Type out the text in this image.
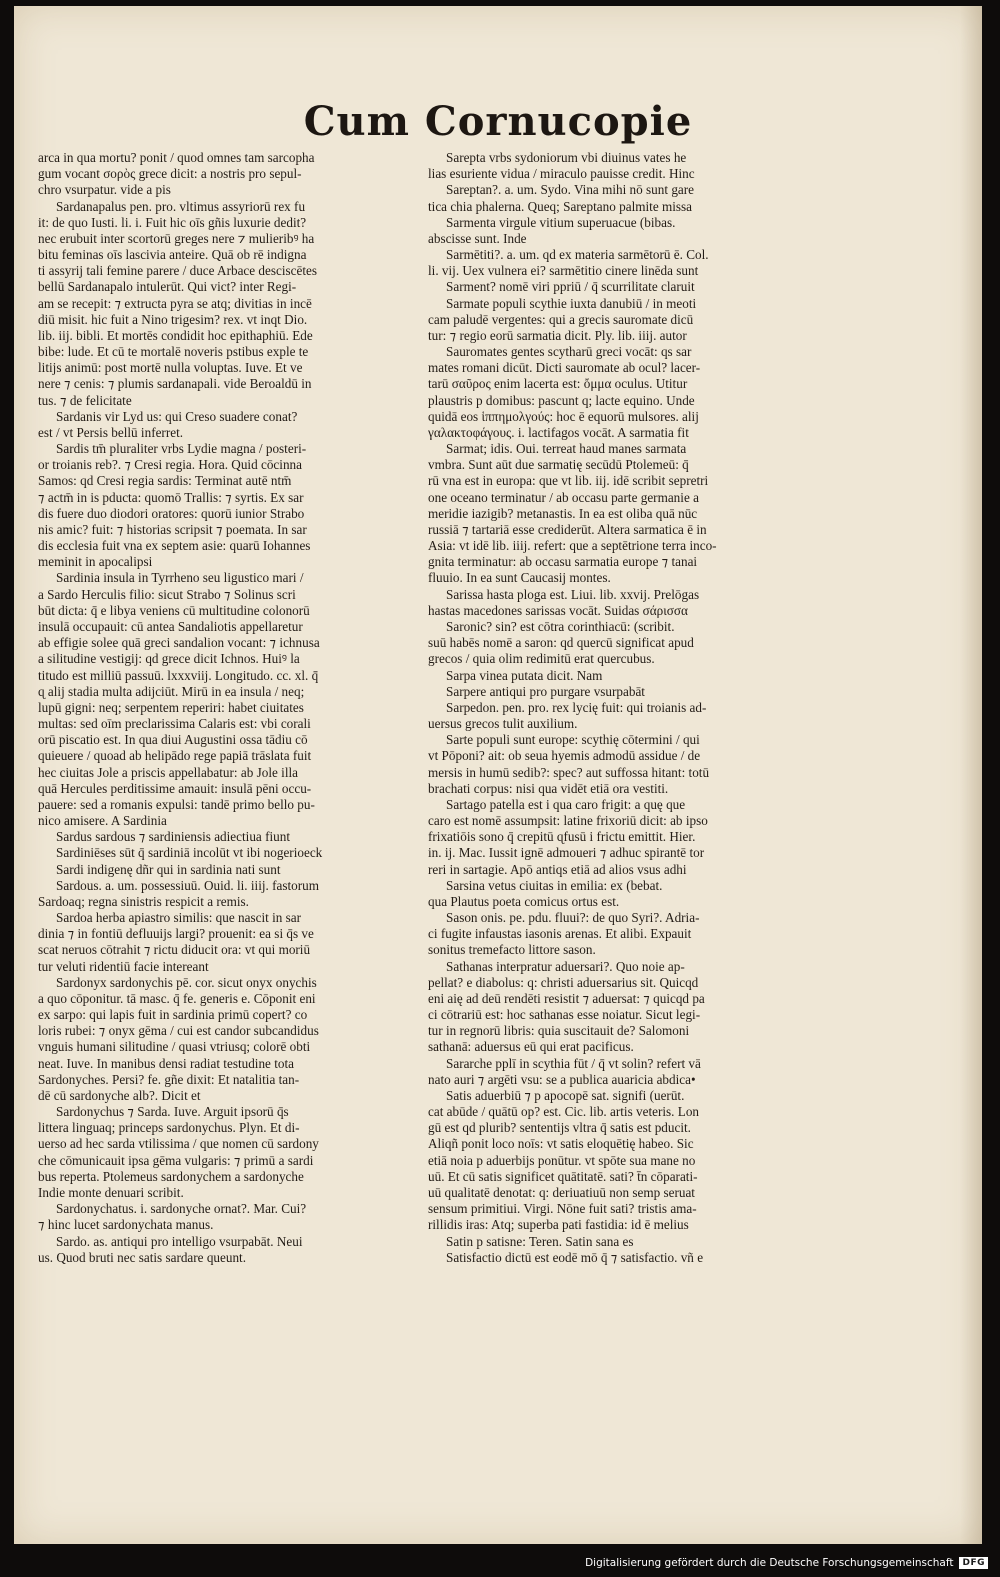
Cum Cornucopie
arca in qua mortu? ponit / quod omnes tam sarcopha
gum vocant σορὸς grece dicit: a nostris pro sepul-
chro vsurpatur. vide a pis
Sardanapalus pen. pro. vltimus assyriorū rex fu
it: de quo Iusti. li. i. Fuit hic oīs gñis luxurie dedit?
nec erubuit inter scortorū greges nere ⁊ mulieribꝰ ha
bitu feminas oīs lascivia anteire. Quā ob rē indigna
ti assyrij tali femine parere / duce Arbace desciscētes
bellū Sardanapalo intulerūt. Qui vict? inter Regi-
am se recepit: ⁊ extructa pyra se atq; divitias in incē
diū misit. hic fuit a Nino trigesim? rex. vt inqt Dio.
lib. iij. bibli. Et mortēs condidit hoc epithaphiū. Ede
bibe: lude. Et cū te mortalē noveris pstibus exple te
litijs animū: post mortē nulla voluptas. Iuve. Et ve
nere ⁊ cenis: ⁊ plumis sardanapali. vide Beroaldū in
tus. ⁊ de felicitate
Sardanis vir Lyd us: qui Creso suadere conat?
est / vt Persis bellū inferret.
Sardis tm̄ pluraliter vrbs Lydie magna / posteri-
or troianis reb?. ⁊ Cresi regia. Hora. Quid cōcinna
Samos: qd Cresi regia sardis: Terminat autē ntm̄
⁊ actm̄ in is pducta: quomō Trallis: ⁊ syrtis. Ex sar
dis fuere duo diodori oratores: quorū iunior Strabo
nis amic? fuit: ⁊ historias scripsit ⁊ poemata. In sar
dis ecclesia fuit vna ex septem asie: quarū Iohannes
meminit in apocalipsi
Sardinia insula in Tyrrheno seu ligustico mari /
a Sardo Herculis filio: sicut Strabo ⁊ Solinus scri
būt dicta: q̄ e libya veniens cū multitudine colonorū
insulā occupauit: cū antea Sandaliotis appellaretur
ab effigie solee quā greci sandalion vocant: ⁊ ichnusa
a silitudine vestigij: qd grece dicit Ichnos. Huiꝰ la
titudo est milliū passuū. lxxxviij. Longitudo. cc. xl. q̄̄
ɋ alij stadia multa adijciūt. Mirū in ea insula / neq;
lupū gigni: neq; serpentem reperiri: habet ciuitates
multas: sed oīm preclarissima Calaris est: vbi corali
orū piscatio est. In qua diui Augustini ossa tādiu cō
quieuere / quoad ab helipādo rege papiā trāslata fuit
hec ciuitas Jole a priscis appellabatur: ab Jole illa
quā Hercules perditissime amauit: insulā pēni occu-
pauere: sed a romanis expulsi: tandē primo bello pu-
nico amisere. A Sardinia
Sardus sardous ⁊ sardiniensis adiectiua fiunt
Sardiniēses sūt q̄ sardiniā incolūt vt ibi nogerioeck
Sardi indigenę dñr qui in sardinia nati sunt
Sardous. a. um. possessiuū. Ouid. li. iiij. fastorum
Sardoaq; regna sinistris respicit a remis.
Sardoa herba apiastro similis: que nascit in sar
dinia ⁊ in fontiū defluuijs largi? prouenit: ea si q̄s ve
scat neruos cōtrahit ⁊ rictu diducit ora: vt qui moriū
tur veluti ridentiū facie intereant
Sardonyx sardonychis pē. cor. sicut onyx onychis
a quo cōponitur. tā masc. q̄ fe. generis e. Cōponit eni
ex sarpo: qui lapis fuit in sardinia primū copert? co
loris rubei: ⁊ onyx gēma / cui est candor subcandidus
vnguis humani silitudine / quasi vtriusq; colorē obti
neat. Iuve. In manibus densi radiat testudine tota
Sardonyches. Persi? fe. gñe dixit: Et natalitia tan-
dē cū sardonyche alb?. Dicit et
Sardonychus ⁊ Sarda. Iuve. Arguit ipsorū q̄s
littera linguaq; princeps sardonychus. Plyn. Et di-
uerso ad hec sarda vtilissima / que nomen cū sardony
che cōmunicauit ipsa gēma vulgaris: ⁊ primū a sardi
bus reperta. Ptolemeus sardonychem a sardonyche
Indie monte denuari scribit.
Sardonychatus. i. sardonyche ornat?. Mar. Cui?
⁊ hinc lucet sardonychata manus.
Sardo. as. antiqui pro intelligo vsurpabāt. Neui
us. Quod bruti nec satis sardare queunt.
Sarepta vrbs sydoniorum vbi diuinus vates he
lias esuriente vidua / miraculo pauisse credit. Hinc
Sareptan?. a. um. Sydo. Vina mihi nō sunt gare
tica chia phalerna. Queq; Sareptano palmite missa
Sarmenta virgule vitium superuacue (bibas.
abscisse sunt. Inde
Sarmētiti?. a. um. qd ex materia sarmētorū ē. Col.
li. vij. Uex vulnera ei? sarmētitio cinere linēda sunt
Sarment? nomē viri ppriū / q̄ scurrilitate claruit
Sarmate populi scythie iuxta danubiū / in meoti
cam paludē vergentes: qui a grecis sauromate dicū
tur: ⁊ regio eorū sarmatia dicit. Ply. lib. iiij. autor
Sauromates gentes scytharū greci vocāt: qs sar
mates romani dicūt. Dicti sauromate ab ocul? lacer-
tarū σαῦρος enim lacerta est: ὄμμα oculus. Utitur
plaustris p domibus: pascunt q; lacte equino. Unde
quidā eos ἱππημολγούς: hoc ē equorū mulsores. alij
γαλακτοφάγους. i. lactifagos vocāt. A sarmatia fit
Sarmat; idis. Oui. terreat haud manes sarmata
vmbra. Sunt aūt due sarmatię secūdū Ptolemeū: q̄
rū vna est in europa: que vt lib. iij. idē scribit sepretri
one oceano terminatur / ab occasu parte germanie a
meridie iazigib? metanastis. In ea est oliba quā nūc
russiā ⁊ tartariā esse crediderūt. Altera sarmatica ē in
Asia: vt idē lib. iiij. refert: que a septētrione terra inco-
gnita terminatur: ab occasu sarmatia europe ⁊ tanai
fluuio. In ea sunt Caucasij montes.
Sarissa hasta ploga est. Liui. lib. xxvij. Prelōgas
hastas macedones sarissas vocāt. Suidas σάρισσα
Saronic? sin? est cōtra corinthiacū: (scribit.
suū habēs nomē a saron: qd quercū significat apud
grecos / quia olim redimitū erat quercubus.
Sarpa vinea putata dicit. Nam
Sarpere antiqui pro purgare vsurpabāt
Sarpedon. pen. pro. rex lycię fuit: qui troianis ad-
uersus grecos tulit auxilium.
Sarte populi sunt europe: scythię cōtermini / qui
vt Pōponi? ait: ob seua hyemis admodū assidue / de
mersis in humū sedib?: spec? aut suffossa hitant: totū
brachati corpus: nisi qua vidēt etiā ora vestiti.
Sartago patella est i qua caro frigit: a quę que
caro est nomē assumpsit: latine frixoriū dicit: ab ipso
frixatiōis sono q̄ crepitū ɋfusū i frictu emittit. Hier.
in. ij. Mac. Iussit ignē admoueri ⁊ adhuc spirantē tor
reri in sartagie. Apō antiqs etiā ad alios vsus adhi
Sarsina vetus ciuitas in emilia: ex (bebat.
qua Plautus poeta comicus ortus est.
Sason onis. pe. pdu. fluui?: de quo Syri?. Adria-
ci fugite infaustas iasonis arenas. Et alibi. Expauit
sonitus tremefacto littore sason.
Sathanas interpratur aduersari?. Quo noie ap-
pellat? e diabolus: q: christi aduersarius sit. Quicqd
eni aię ad deū rendēti resistit ⁊ aduersat: ⁊ quicqd pa
ci cōtrariū est: hoc sathanas esse noiatur. Sicut legi-
tur in regnorū libris: quia suscitauit de? Salomoni
sathanā: aduersus eū qui erat pacificus.
Sararche pplī in scythia fūt / q̄ vt solin? refert vā
nato auri ⁊ argēti vsu: se a publica auaricia abdica•
Satis aduerbiū ⁊ p apocopē sat. signifi (uerūt.
cat abūde / quātū op? est. Cic. lib. artis veteris. Lon
gū est qd plurib? sententijs vltra q̄ satis est pducit.
Aliqñ ponit loco noīs: vt satis eloquētię habeo. Sic
etiā noia p aduerbijs ponūtur. vt spōte sua mane no
uū. Et cū satis significet quātitatē. sati? t̄n cōparati-
uū qualitatē denotat: q: deriuatiuū non semp seruat
sensum primitiui. Virgi. Nōne fuit sati? tristis ama-
rillidis iras: Atq; superba pati fastidia: id ē melius
Satin p satisne: Teren. Satin sana es
Satisfactio dictū est eodē mō q̄ ⁊ satisfactio. vñ e
Digitalisierung gefördert durch die Deutsche Forschungsgemeinschaft	DFG
